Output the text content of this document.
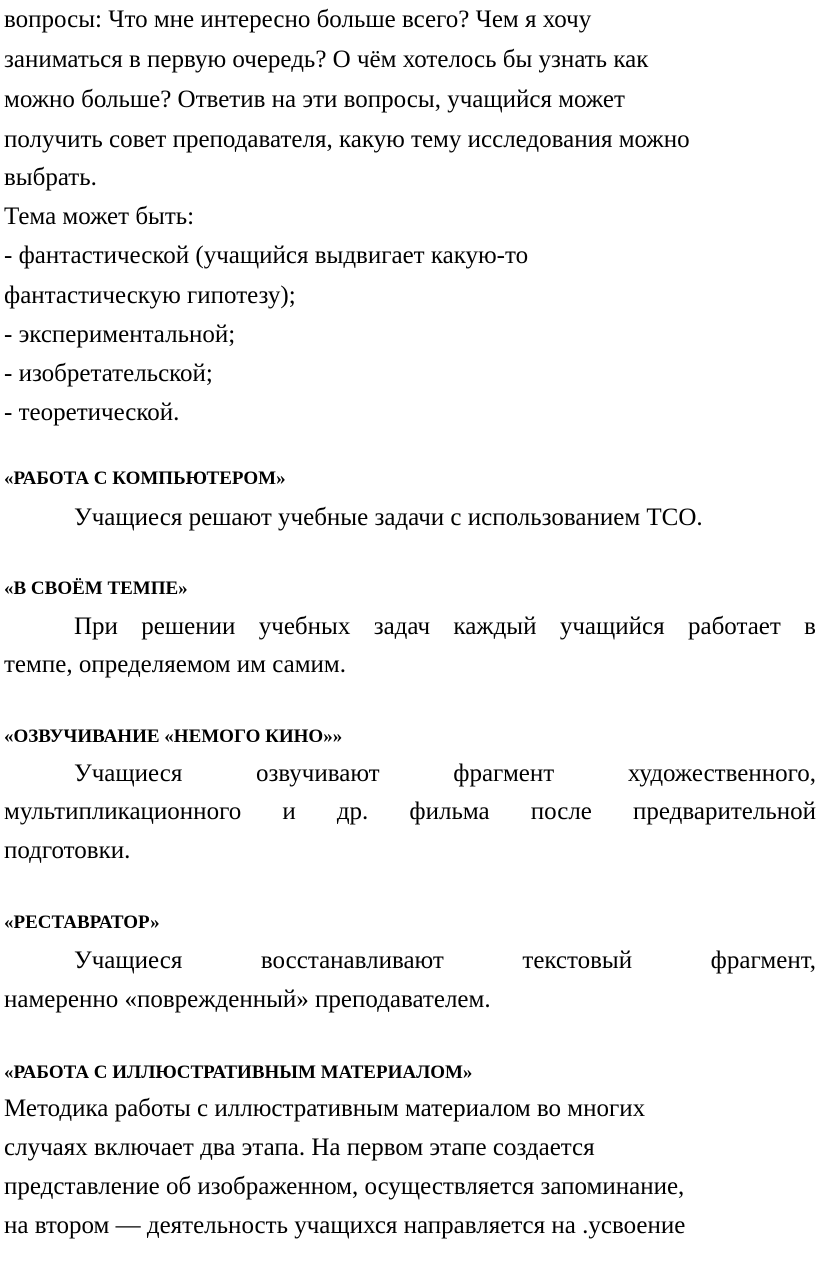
вопросы: Что мне интересно больше всего? Чем я хочу
заниматься в первую очередь? О чём хотелось бы узнать как
можно больше? Ответив на эти вопросы, учащийся может
получить совет преподавателя, какую тему исследования можно
выбрать.
Тема может быть:
- фантастической (учащийся выдвигает какую-то
фантастическую гипотезу);
- экспериментальной;
- изобретательской;
- теоретической.
«РАБОТА С КОМПЬЮТЕРОМ»
Учащиеся решают учебные задачи с использованием ТСО.
«В СВОЁМ ТЕМПЕ»
При решении учебных задач каждый учащийся работает в
темпе, определяемом им самим.
«ОЗВУЧИВАНИЕ «НЕМОГО КИНО»»
Учащиеся озвучивают фрагмент художественного,
мультипликационного и др. фильма после предварительной
подготовки.
«РЕСТАВРАТОР»
Учащиеся восстанавливают текстовый фрагмент,
намеренно «поврежденный» преподавателем.
«РАБОТА С ИЛЛЮСТРАТИВНЫМ МАТЕРИАЛОМ»
Методика работы с иллюстративным материалом во многих
случаях включает два этапа. На первом этапе создается
представление об изображенном, осуществляется запоминание,
на втором — деятельность учащихся направляется на .усвоение
